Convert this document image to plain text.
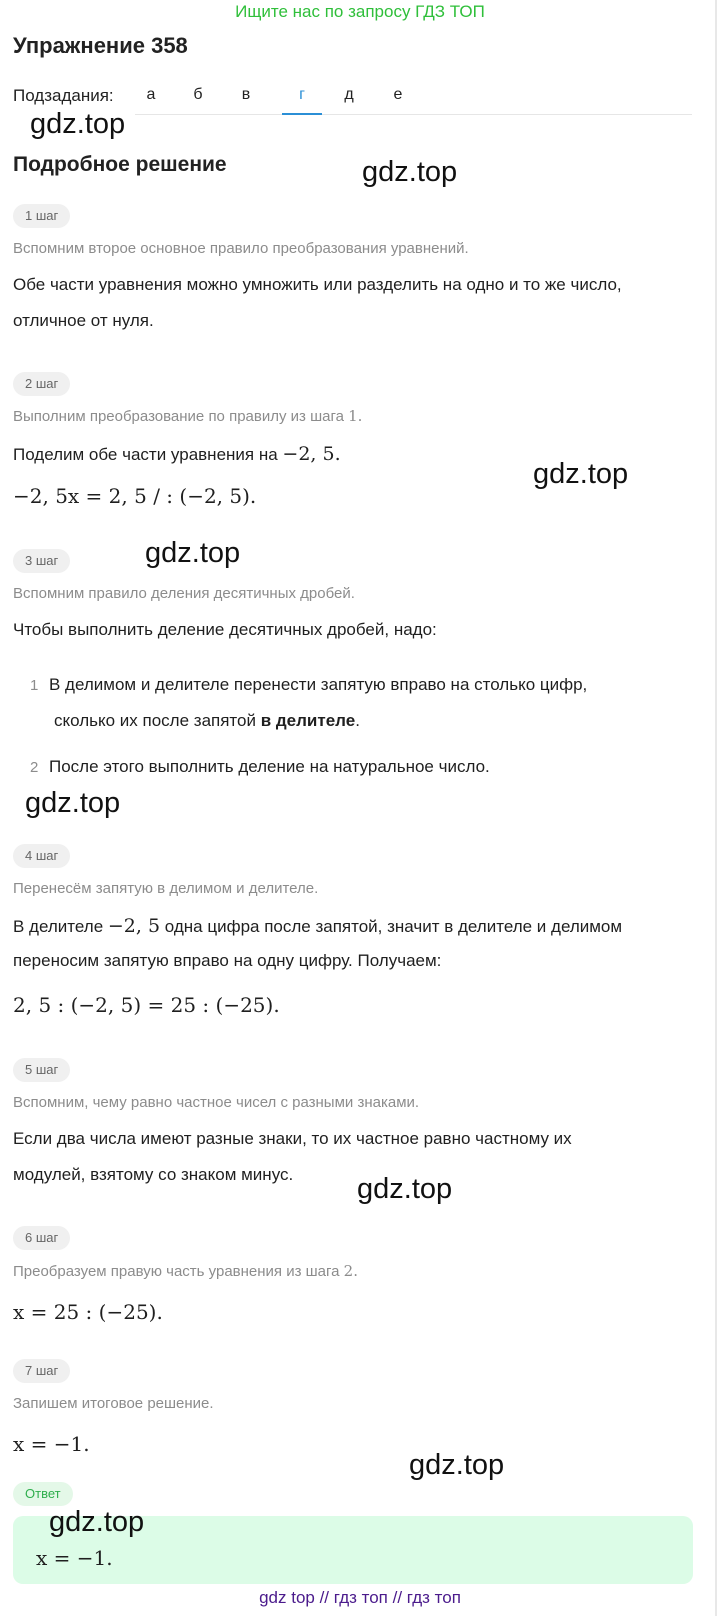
Ищите нас по запросу ГДЗ ТОП
Упражнение 358
Подзадания:	а	б	в	г	д	е
Подробное решение
1 шаг
Вспомним второе основное правило преобразования уравнений.
Обе части уравнения можно умножить или разделить на одно и то же число,
отличное от нуля.
2 шаг
Выполним преобразование по правилу из шага 1.
Поделим обе части уравнения на −2, 5.
−2, 5x = 2, 5 / : (−2, 5).
3 шаг
Вспомним правило деления десятичных дробей.
Чтобы выполнить деление десятичных дробей, надо:
1 В делимом и делителе перенести запятую вправо на столько цифр,
сколько их после запятой в делителе.
2 После этого выполнить деление на натуральное число.
4 шаг
Перенесём запятую в делимом и делителе.
В делителе −2, 5 одна цифра после запятой, значит в делителе и делимом
переносим запятую вправо на одну цифру. Получаем:
2, 5 : (−2, 5) = 25 : (−25).
5 шаг
Вспомним, чему равно частное чисел с разными знаками.
Если два числа имеют разные знаки, то их частное равно частному их
модулей, взятому со знаком минус.
6 шаг
Преобразуем правую часть уравнения из шага 2.
x = 25 : (−25).
7 шаг
Запишем итоговое решение.
x = −1.
Ответ
x = −1.
gdz.top
gdz.top
gdz.top
gdz.top
gdz.top
gdz.top
gdz.top
gdz.top
gdz top // гдз топ // гдз топ
